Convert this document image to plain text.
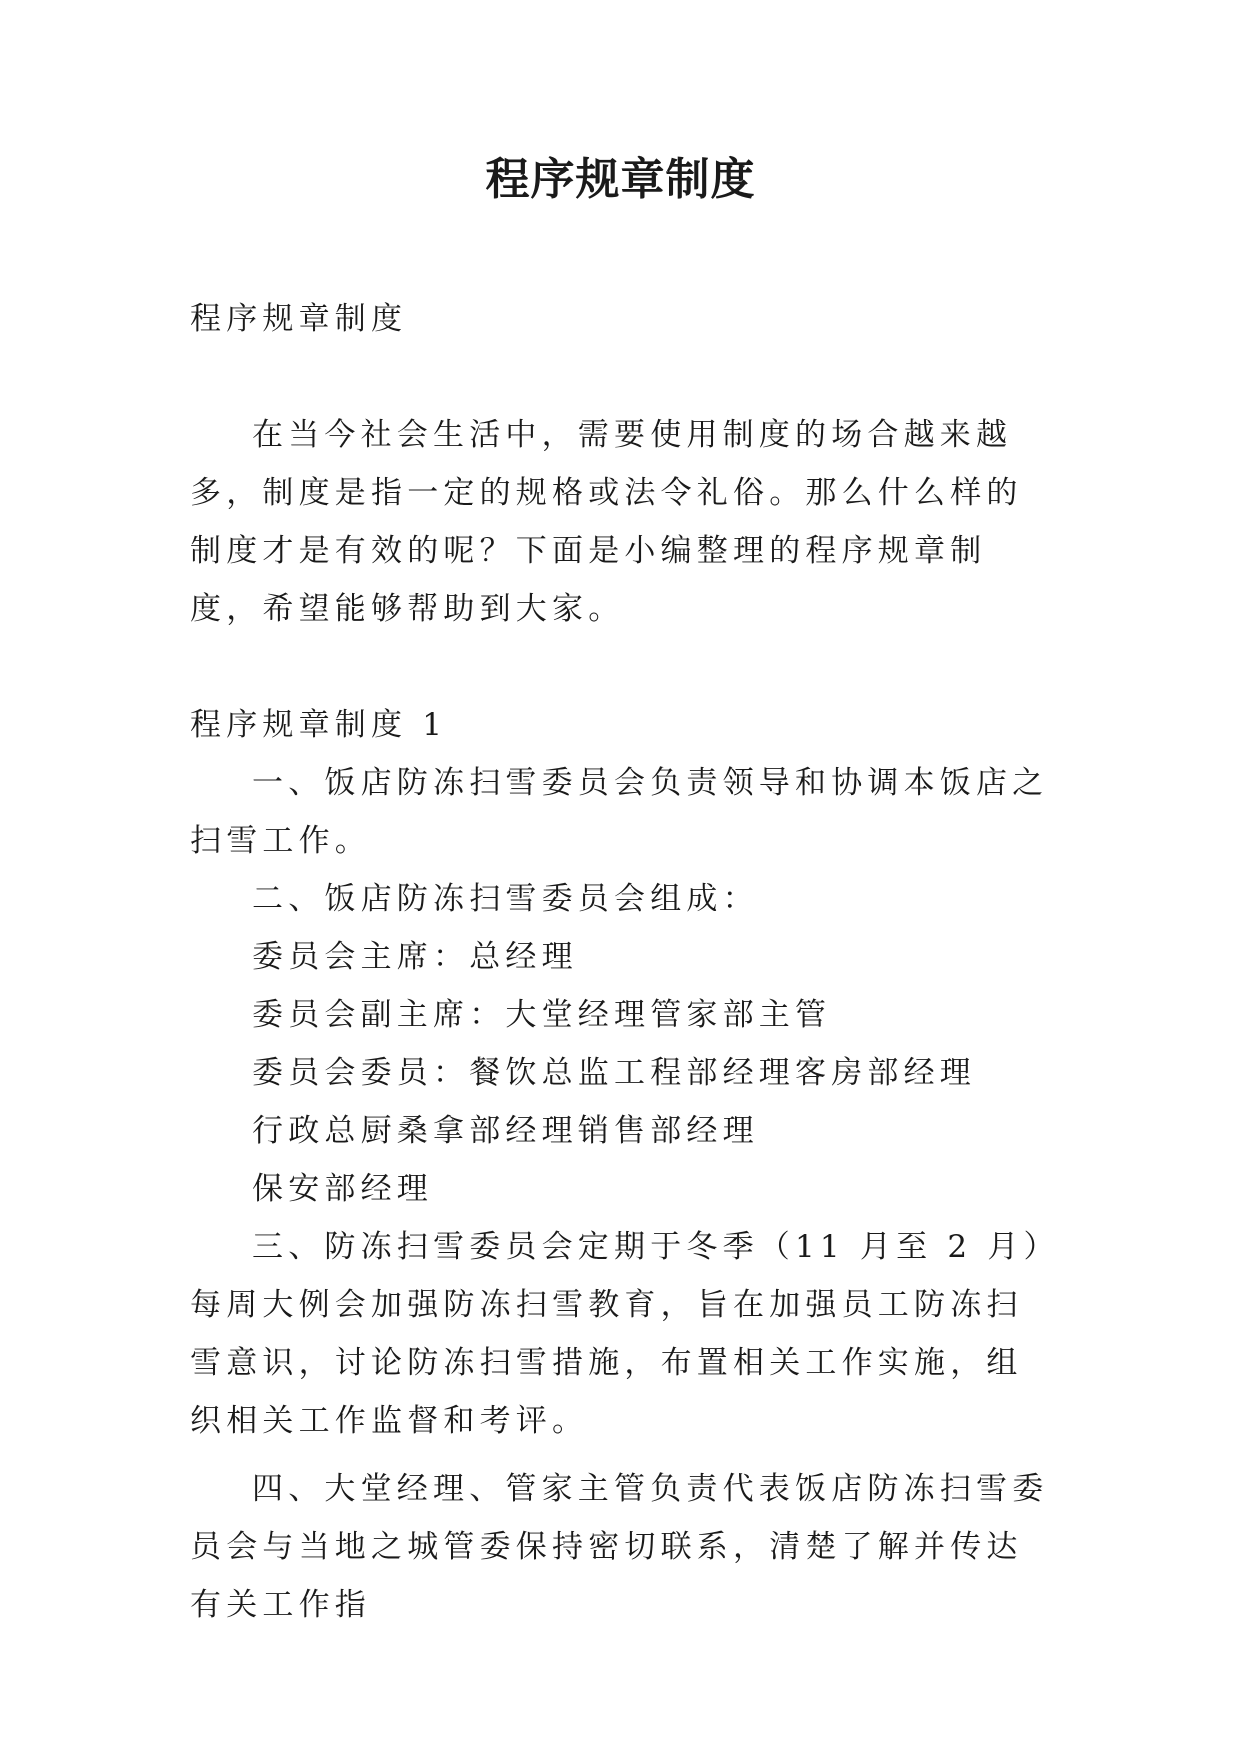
程序规章制度

程序规章制度

在当今社会生活中，需要使用制度的场合越来越多，制度是指一定的规格或法令礼俗。那么什么样的制度才是有效的呢？下面是小编整理的程序规章制度，希望能够帮助到大家。

程序规章制度 1

一、饭店防冻扫雪委员会负责领导和协调本饭店之扫雪工作。

二、饭店防冻扫雪委员会组成：

委员会主席：总经理

委员会副主席：大堂经理管家部主管

委员会委员：餐饮总监工程部经理客房部经理

行政总厨桑拿部经理销售部经理

保安部经理

三、防冻扫雪委员会定期于冬季（11 月至 2 月）每周大例会加强防冻扫雪教育，旨在加强员工防冻扫雪意识，讨论防冻扫雪措施，布置相关工作实施，组织相关工作监督和考评。

四、大堂经理、管家主管负责代表饭店防冻扫雪委员会与当地之城管委保持密切联系，清楚了解并传达有关工作指
